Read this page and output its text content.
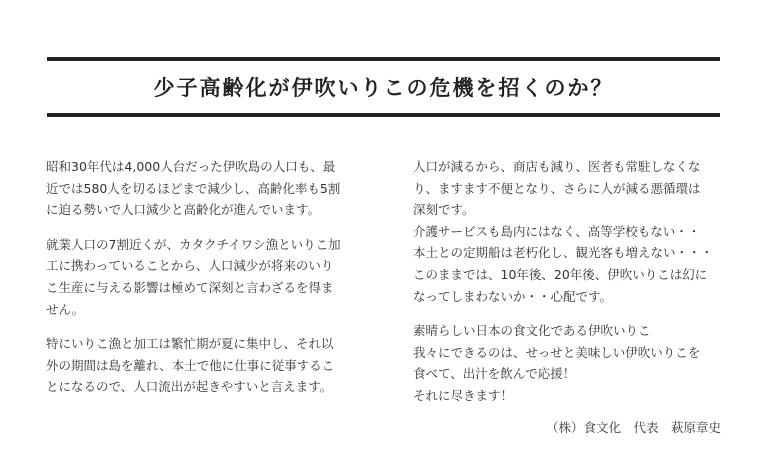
少子高齢化が伊吹いりこの危機を招くのか？

昭和30年代は4,000人台だった伊吹島の人口も、最
近では580人を切るほどまで減少し、高齢化率も5割
に迫る勢いで人口減少と高齢化が進んでいます。

就業人口の7割近くが、カタクチイワシ漁といりこ加
工に携わっていることから、人口減少が将来のいり
こ生産に与える影響は極めて深刻と言わざるを得ま
せん。

特にいりこ漁と加工は繁忙期が夏に集中し、それ以
外の期間は島を離れ、本土で他に仕事に従事するこ
とになるので、人口流出が起きやすいと言えます。

人口が減るから、商店も減り、医者も常駐しなくな
り、ますます不便となり、さらに人が減る悪循環は
深刻です。
介護サービスも島内にはなく、高等学校もない・・
本土との定期船は老朽化し、観光客も増えない・・・
このままでは、10年後、20年後、伊吹いりこは幻に
なってしまわないか・・心配です。

素晴らしい日本の食文化である伊吹いりこ
我々にできるのは、せっせと美味しい伊吹いりこを
食べて、出汁を飲んで応援！
それに尽きます！

（株）食文化　代表　萩原章史
